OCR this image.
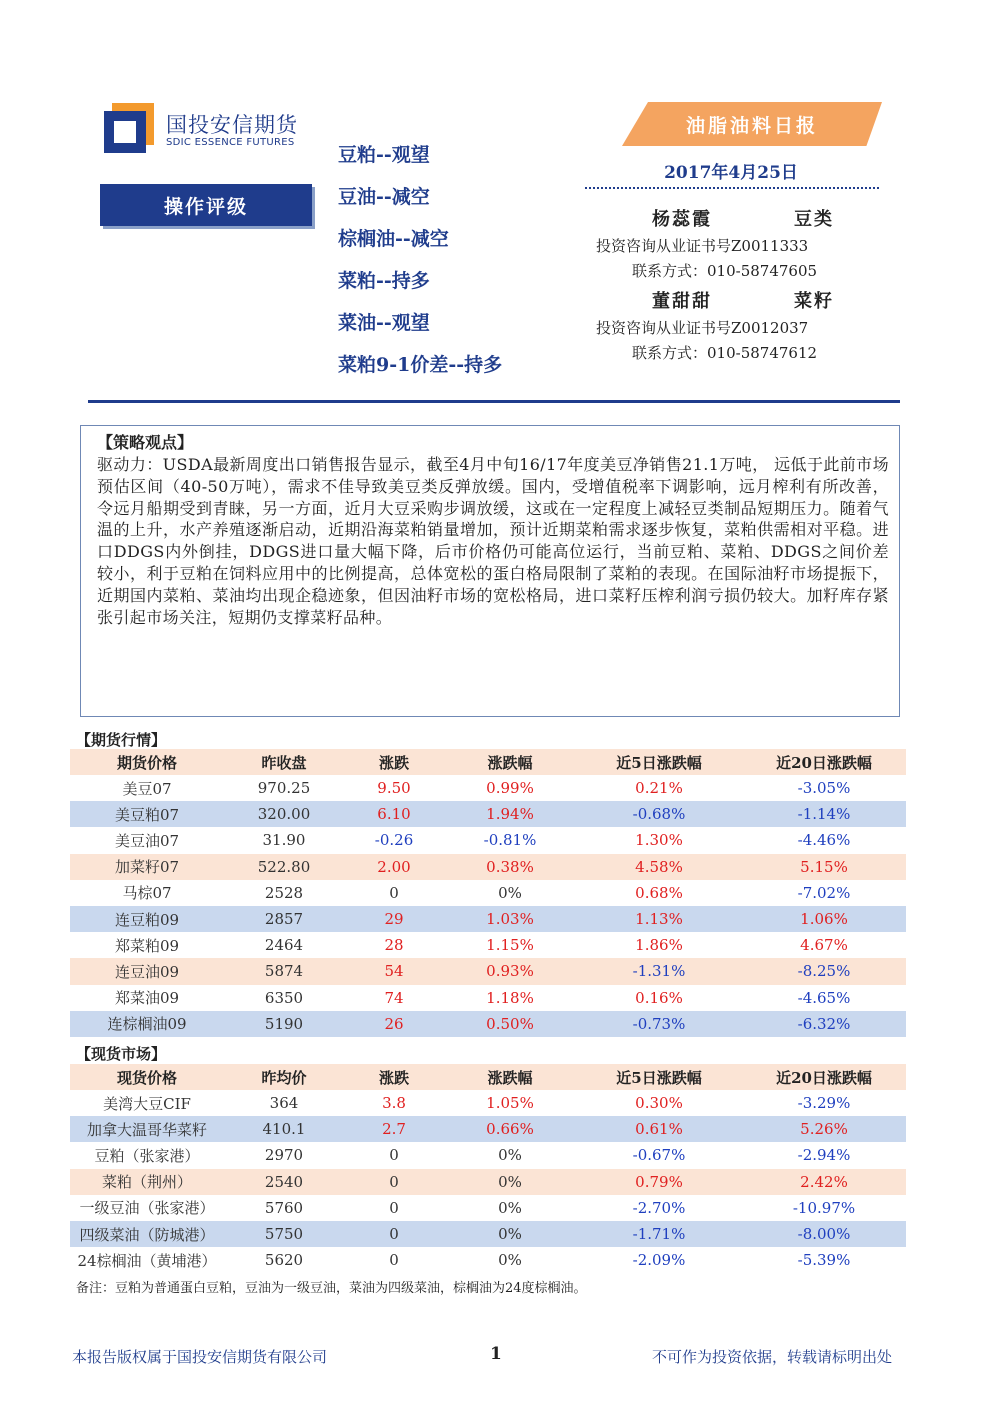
国投安信期货
SDIC ESSENCE FUTURES
操作评级
豆粕--观望
豆油--减空
棕榈油--减空
菜粕--持多
菜油--观望
菜粕9-1价差--持多
油脂油料日报
2017年4月25日
杨蕊霞	豆类
投资咨询从业证书号Z0011333
联系方式：010-58747605
董甜甜	菜籽
投资咨询从业证书号Z0012037
联系方式：010-58747612
【策略观点】
驱动力：USDA最新周度出口销售报告显示，截至4月中旬16/17年度美豆净销售21.1万吨， 远低于此前市场预估区间（40-50万吨），需求不佳导致美豆类反弹放缓。国内，受增值税率下调影响，远月榨利有所改善，令远月船期受到青睐，另一方面，近月大豆采购步调放缓，这或在一定程度上减轻豆类制品短期压力。随着气温的上升，水产养殖逐渐启动，近期沿海菜粕销量增加，预计近期菜粕需求逐步恢复，菜粕供需相对平稳。进口DDGS内外倒挂，DDGS进口量大幅下降，后市价格仍可能高位运行，当前豆粕、菜粕、DDGS之间价差较小，利于豆粕在饲料应用中的比例提高，总体宽松的蛋白格局限制了菜粕的表现。在国际油籽市场提振下，近期国内菜粕、菜油均出现企稳迹象，但因油籽市场的宽松格局，进口菜籽压榨利润亏损仍较大。加籽库存紧张引起市场关注，短期仍支撑菜籽品种。
【期货行情】
期货价格	昨收盘	涨跌	涨跌幅	近5日涨跌幅	近20日涨跌幅
美豆07	970.25	9.50	0.99%	0.21%	-3.05%
美豆粕07	320.00	6.10	1.94%	-0.68%	-1.14%
美豆油07	31.90	-0.26	-0.81%	1.30%	-4.46%
加菜籽07	522.80	2.00	0.38%	4.58%	5.15%
马棕07	2528	0	0%	0.68%	-7.02%
连豆粕09	2857	29	1.03%	1.13%	1.06%
郑菜粕09	2464	28	1.15%	1.86%	4.67%
连豆油09	5874	54	0.93%	-1.31%	-8.25%
郑菜油09	6350	74	1.18%	0.16%	-4.65%
连棕榈油09	5190	26	0.50%	-0.73%	-6.32%
【现货市场】
现货价格	昨均价	涨跌	涨跌幅	近5日涨跌幅	近20日涨跌幅
美湾大豆CIF	364	3.8	1.05%	0.30%	-3.29%
加拿大温哥华菜籽	410.1	2.7	0.66%	0.61%	5.26%
豆粕（张家港）	2970	0	0%	-0.67%	-2.94%
菜粕（荆州）	2540	0	0%	0.79%	2.42%
一级豆油（张家港）	5760	0	0%	-2.70%	-10.97%
四级菜油（防城港）	5750	0	0%	-1.71%	-8.00%
24棕榈油（黄埔港）	5620	0	0%	-2.09%	-5.39%
备注：豆粕为普通蛋白豆粕，豆油为一级豆油，菜油为四级菜油，棕榈油为24度棕榈油。
本报告版权属于国投安信期货有限公司	1	不可作为投资依据，转载请标明出处
